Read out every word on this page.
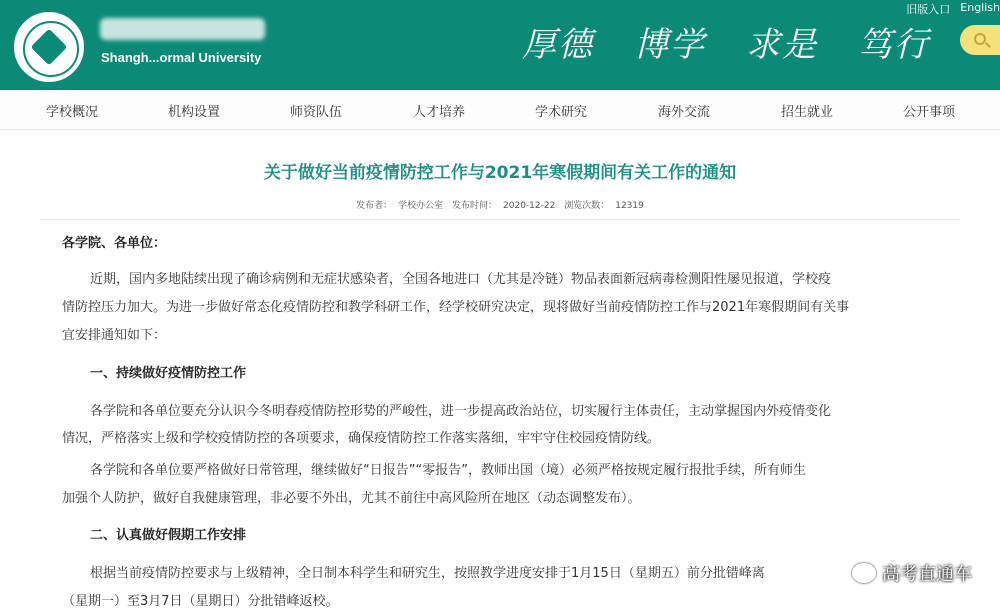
Shangh...ormal University	厚德 博学 求是 笃行
旧版入口 English
学校概况	机构设置	师资队伍	人才培养	学术研究	海外交流	招生就业	公开事项
关于做好当前疫情防控工作与2021年寒假期间有关工作的通知
发布者： 学校办公室 发布时间： 2020-12-22 浏览次数： 12319
各学院、各单位：
近期，国内多地陆续出现了确诊病例和无症状感染者，全国各地进口（尤其是冷链）物品表面新冠病毒检测阳性屡见报道，学校疫
情防控压力加大。为进一步做好常态化疫情防控和教学科研工作，经学校研究决定，现将做好当前疫情防控工作与2021年寒假期间有关事
宜安排通知如下：
一、持续做好疫情防控工作
各学院和各单位要充分认识今冬明春疫情防控形势的严峻性，进一步提高政治站位，切实履行主体责任，主动掌握国内外疫情变化
情况，严格落实上级和学校疫情防控的各项要求，确保疫情防控工作落实落细，牢牢守住校园疫情防线。
各学院和各单位要严格做好日常管理，继续做好“日报告”“零报告”，教师出国（境）必须严格按规定履行报批手续，所有师生
加强个人防护，做好自我健康管理，非必要不外出，尤其不前往中高风险所在地区（动态调整发布）。
二、认真做好假期工作安排
根据当前疫情防控要求与上级精神，全日制本科学生和研究生，按照教学进度安排于1月15日（星期五）前分批错峰离
（星期一）至3月7日（星期日）分批错峰返校。
高考直通车
